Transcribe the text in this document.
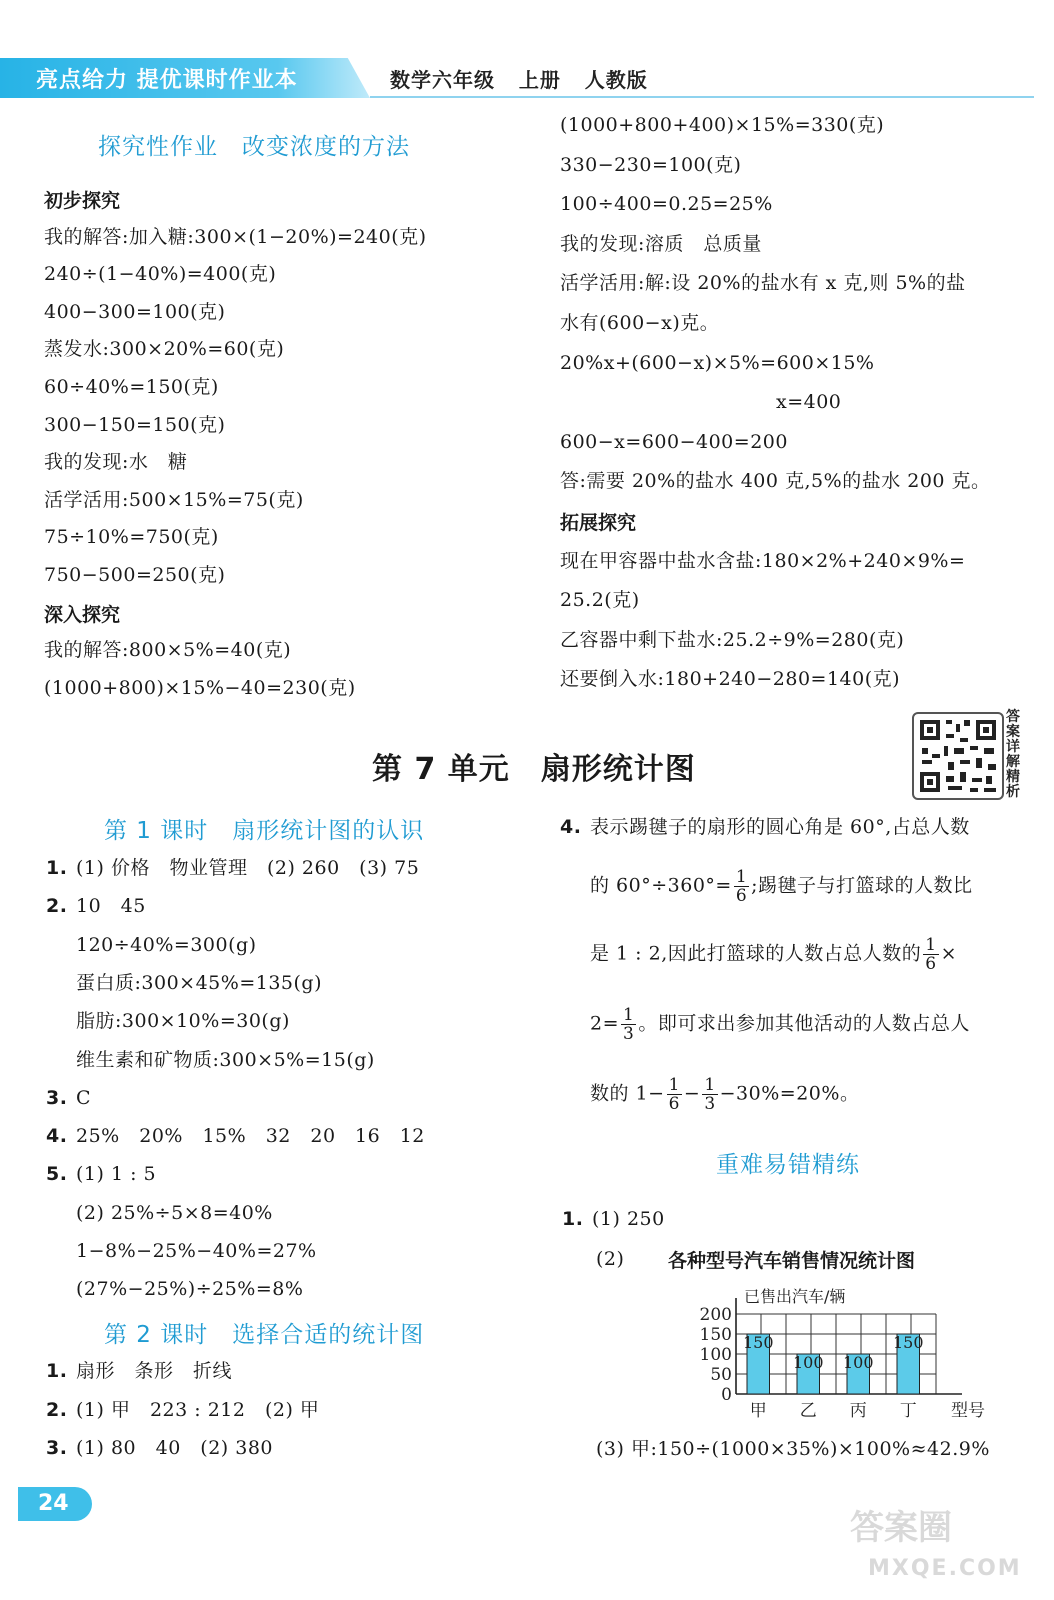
亮点给力 提优课时作业本	数学六年级   上册   人教版
探究性作业　改变浓度的方法
初步探究
我的解答:加入糖:300×(1−20%)=240(克)
240÷(1−40%)=400(克)
400−300=100(克)
蒸发水:300×20%=60(克)
60÷40%=150(克)
300−150=150(克)
我的发现:水　糖
活学活用:500×15%=75(克)
75÷10%=750(克)
750−500=250(克)
深入探究
我的解答:800×5%=40(克)
(1000+800)×15%−40=230(克)
(1000+800+400)×15%=330(克)
330−230=100(克)
100÷400=0.25=25%
我的发现:溶质　总质量
活学活用:解:设 20%的盐水有 x 克,则 5%的盐
水有(600−x)克。
20%x+(600−x)×5%=600×15%
x=400
600−x=600−400=200
答:需要 20%的盐水 400 克,5%的盐水 200 克。
拓展探究
现在甲容器中盐水含盐:180×2%+240×9%=
25.2(克)
乙容器中剩下盐水:25.2÷9%=280(克)
还要倒入水:180+240−280=140(克)
第 7 单元　扇形统计图
答案详解精析
第 1 课时　扇形统计图的认识
1. (1) 价格　物业管理　(2) 260　(3) 75
2. 10　45
120÷40%=300(g)
蛋白质:300×45%=135(g)
脂肪:300×10%=30(g)
维生素和矿物质:300×5%=15(g)
3. C
4. 25%　20%　15%　32　20　16　12
5. (1) 1 : 5
(2) 25%÷5×8=40%
1−8%−25%−40%=27%
(27%−25%)÷25%=8%
第 2 课时　选择合适的统计图
1. 扇形　条形　折线
2. (1) 甲　223 : 212　(2) 甲
3. (1) 80　40　(2) 380
4. 表示踢毽子的扇形的圆心角是 60°,占总人数
的 $60^\circ\div 360^\circ= \frac{1}{6}$ ;踢毽子与打篮球的人数比
是 1 : 2,因此打篮球的人数占总人数的 $\frac{1}{6}$ ×
$2= \frac{1}{3}$ 。即可求出参加其他活动的人数占总人
数的 $1- \frac{1}{6} - \frac{1}{3} -30\%=20\%$。
重难易错精练
1. (1) 250
(2) 各种型号汽车销售情况统计图
0
50
100
150
200
已售出汽车/辆
150
甲
100
乙
100
丙
150
丁 型号
(3) 甲:150÷(1000×35%)×100%≈42.9%
24
答案圈
MXQE.COM
